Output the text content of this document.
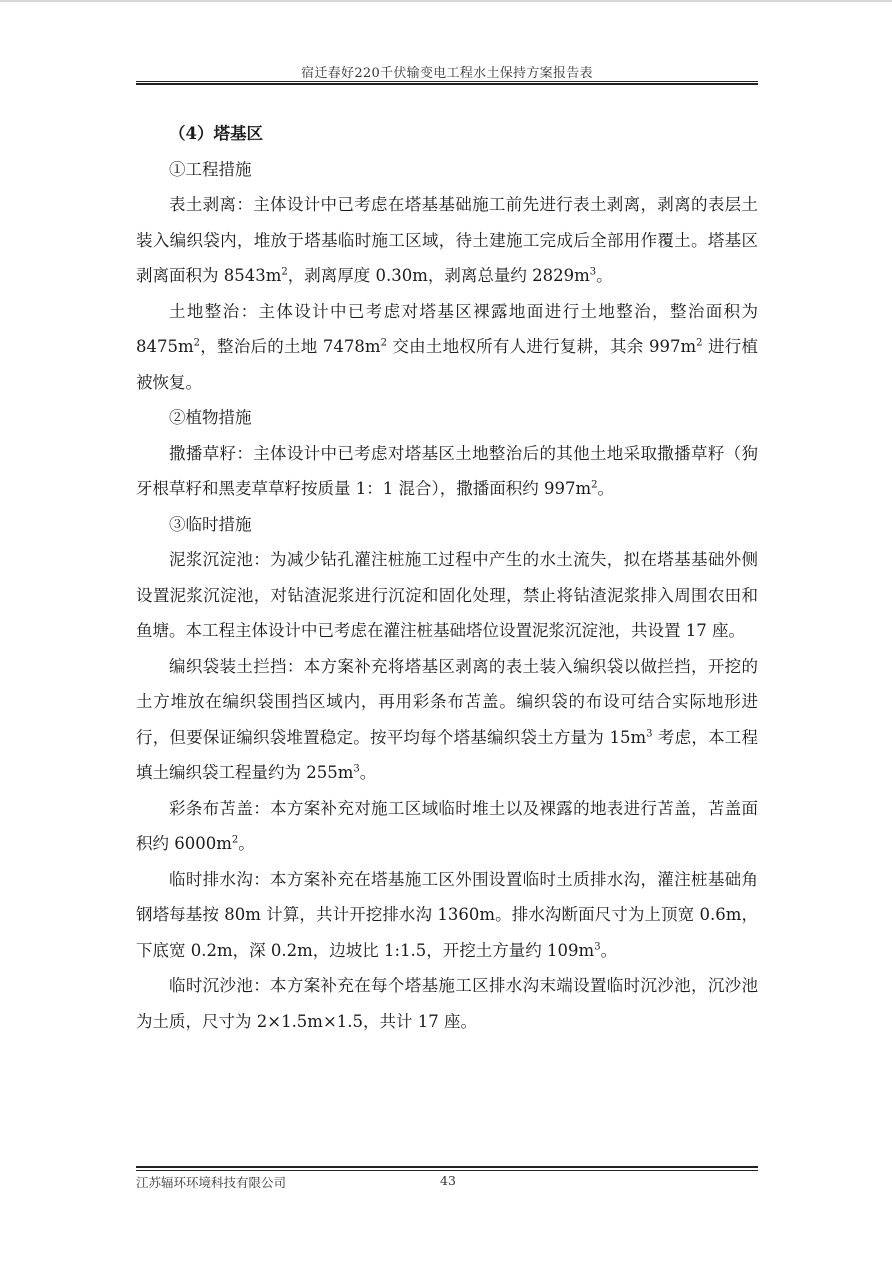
宿迁春好220千伏输变电工程水土保持方案报告表

（4）塔基区

①工程措施

表土剥离：主体设计中已考虑在塔基基础施工前先进行表土剥离，剥离的表层土装入编织袋内，堆放于塔基临时施工区域，待土建施工完成后全部用作覆土。塔基区剥离面积为 $8543m^2$，剥离厚度 0.30m，剥离总量约 $2829m^3$。

土地整治：主体设计中已考虑对塔基区裸露地面进行土地整治，整治面积为 $8475m^2$，整治后的土地 $7478m^2$ 交由土地权所有人进行复耕，其余 $997m^2$ 进行植被恢复。

②植物措施

撒播草籽：主体设计中已考虑对塔基区土地整治后的其他土地采取撒播草籽（狗牙根草籽和黑麦草草籽按质量 1：1 混合），撒播面积约 $997m^2$。

③临时措施

泥浆沉淀池：为减少钻孔灌注桩施工过程中产生的水土流失，拟在塔基基础外侧设置泥浆沉淀池，对钻渣泥浆进行沉淀和固化处理，禁止将钻渣泥浆排入周围农田和鱼塘。本工程主体设计中已考虑在灌注桩基础塔位设置泥浆沉淀池，共设置 17 座。

编织袋装土拦挡：本方案补充将塔基区剥离的表土装入编织袋以做拦挡，开挖的土方堆放在编织袋围挡区域内，再用彩条布苫盖。编织袋的布设可结合实际地形进行，但要保证编织袋堆置稳定。按平均每个塔基编织袋土方量为 $15m^3$ 考虑，本工程填土编织袋工程量约为 $255m^3$。

彩条布苫盖：本方案补充对施工区域临时堆土以及裸露的地表进行苫盖，苫盖面积约 $6000m^2$。

临时排水沟：本方案补充在塔基施工区外围设置临时土质排水沟，灌注桩基础角钢塔每基按 80m 计算，共计开挖排水沟 1360m。排水沟断面尺寸为上顶宽 0.6m，下底宽 0.2m，深 0.2m，边坡比 1:1.5，开挖土方量约 $109m^3$。

临时沉沙池：本方案补充在每个塔基施工区排水沟末端设置临时沉沙池，沉沙池为土质，尺寸为 2×1.5m×1.5，共计 17 座。

江苏辐环环境科技有限公司	43
